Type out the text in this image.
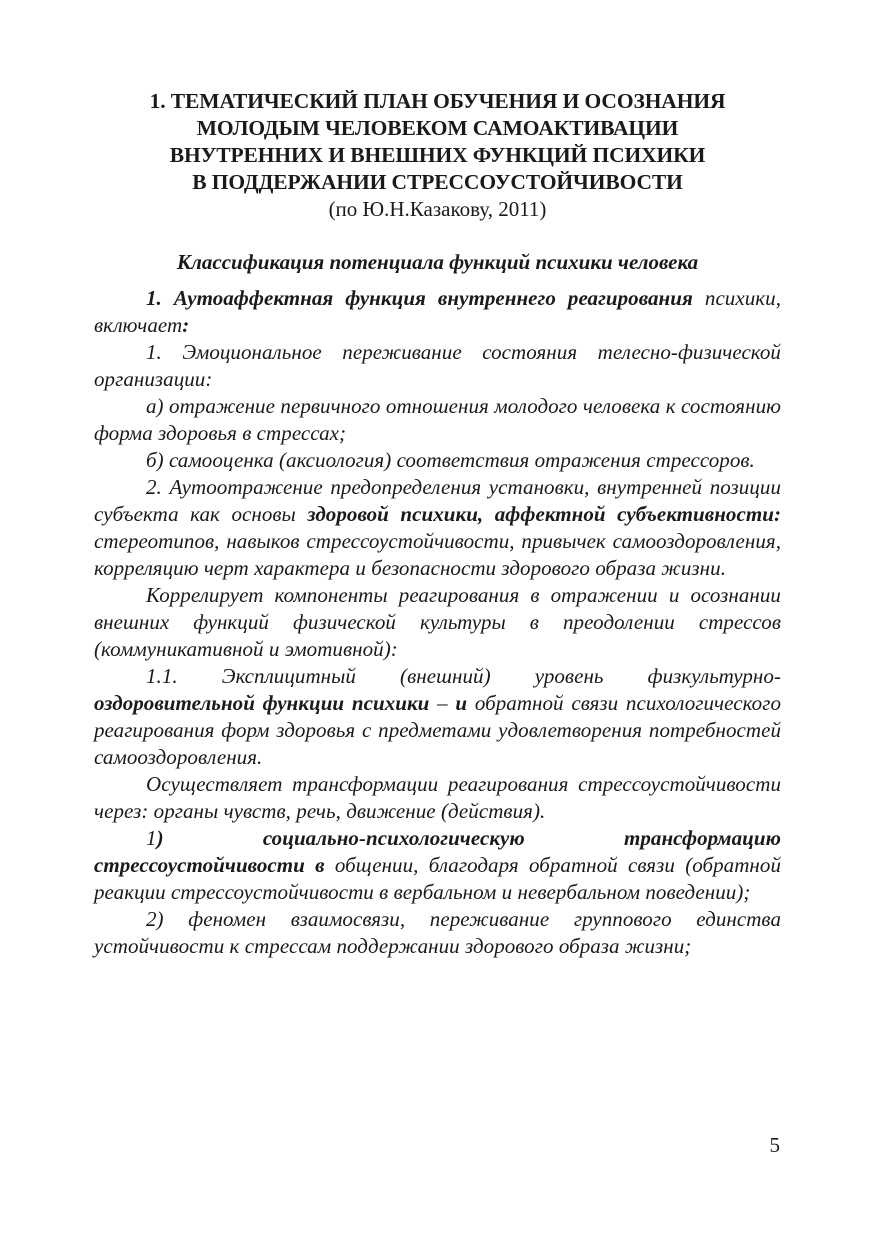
1. ТЕМАТИЧЕСКИЙ ПЛАН ОБУЧЕНИЯ И ОСОЗНАНИЯ
МОЛОДЫМ ЧЕЛОВЕКОМ САМОАКТИВАЦИИ
ВНУТРЕННИХ И ВНЕШНИХ ФУНКЦИЙ ПСИХИКИ
В ПОДДЕРЖАНИИ СТРЕССОУСТОЙЧИВОСТИ
(по Ю.Н.Казакову, 2011)
Классификация потенциала функций психики человека

1. Аутоаффектная функция внутреннего реагирования психики, включает:

1. Эмоциональное переживание состояния телесно-физической организации:

а) отражение первичного отношения молодого человека к состоянию форма здоровья в стрессах;

б) самооценка (аксиология) соответствия отражения стрессоров.

2. Аутоотражение предопределения установки, внутренней позиции субъекта как основы здоровой психики, аффектной субъективности: стереотипов, навыков стрессоустойчивости, привычек самооздоровления, корреляцию черт характера и безопасности здорового образа жизни.

Коррелирует компоненты реагирования в отражении и осознании внешних функций физической культуры в преодолении стрессов (коммуникативной и эмотивной):

1.1. Эксплицитный (внешний) уровень физкультурно-оздоровительной функции психики – и обратной связи психологического реагирования форм здоровья с предметами удовлетворения потребностей самооздоровления.

Осуществляет трансформации реагирования стрессоустойчивости через: органы чувств, речь, движение (действия).

1) социально-психологическую трансформацию стрессоустойчивости в общении, благодаря обратной связи (обратной реакции стрессоустойчивости в вербальном и невербальном поведении);

2) феномен взаимосвязи, переживание группового единства устойчивости к стрессам поддержании здорового образа жизни;

5
